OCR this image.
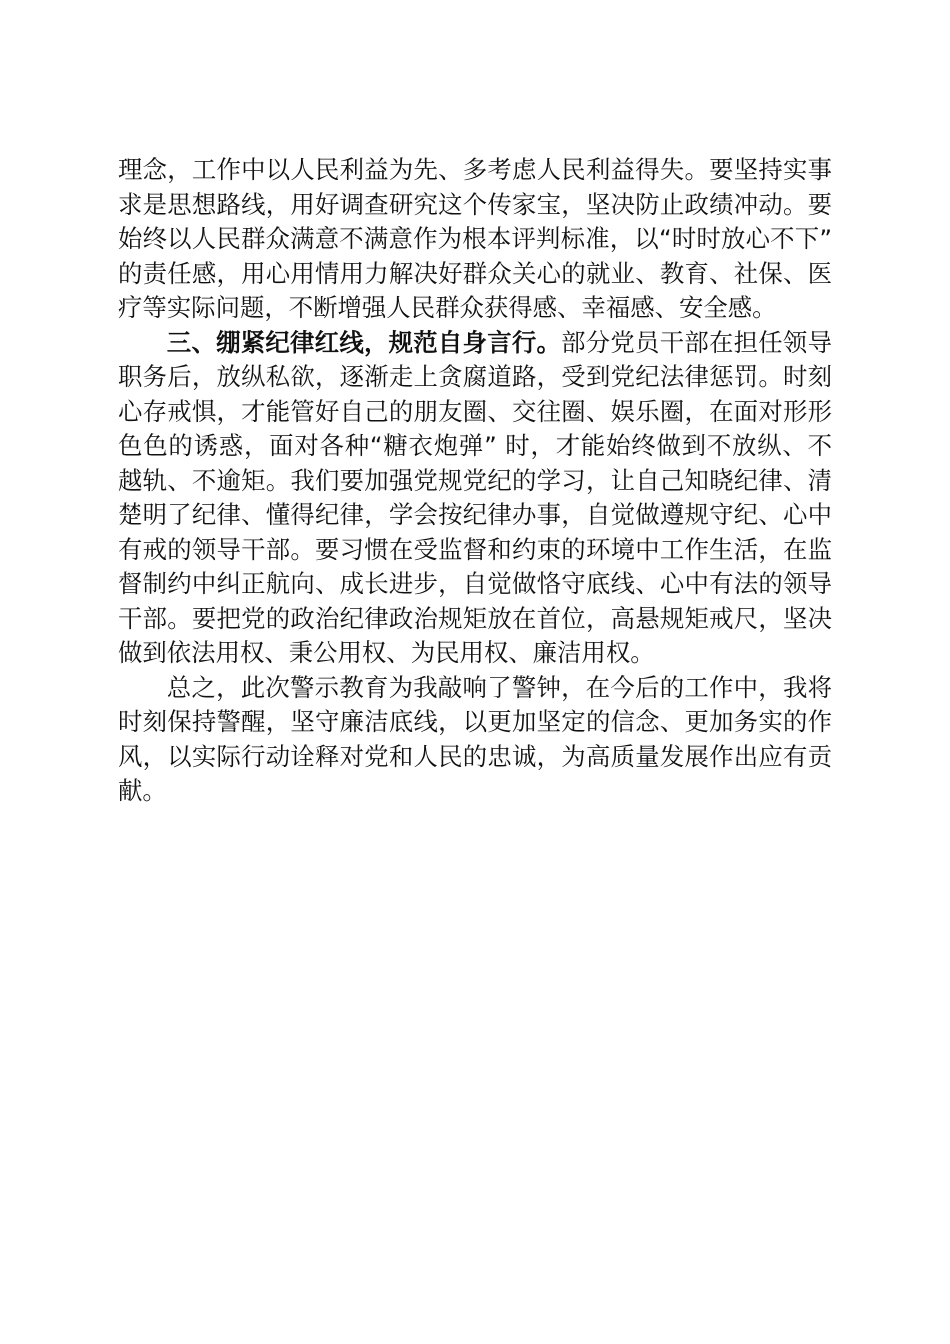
理念，工作中以人民利益为先、多考虑人民利益得失。要坚持实事求是思想路线，用好调查研究这个传家宝，坚决防止政绩冲动。要始终以人民群众满意不满意作为根本评判标准，以“时时放心不下” 的责任感，用心用情用力解决好群众关心的就业、教育、社保、医疗等实际问题，不断增强人民群众获得感、幸福感、安全感。

三、绷紧纪律红线，规范自身言行。部分党员干部在担任领导职务后，放纵私欲，逐渐走上贪腐道路，受到党纪法律惩罚。时刻心存戒惧，才能管好自己的朋友圈、交往圈、娱乐圈，在面对形形色色的诱惑，面对各种“糖衣炮弹” 时，才能始终做到不放纵、不越轨、不逾矩。我们要加强党规党纪的学习，让自己知晓纪律、清楚明了纪律、懂得纪律，学会按纪律办事，自觉做遵规守纪、心中有戒的领导干部。要习惯在受监督和约束的环境中工作生活，在监督制约中纠正航向、成长进步，自觉做恪守底线、心中有法的领导干部。要把党的政治纪律政治规矩放在首位，高悬规矩戒尺，坚决做到依法用权、秉公用权、为民用权、廉洁用权。

总之，此次警示教育为我敲响了警钟，在今后的工作中，我将时刻保持警醒，坚守廉洁底线，以更加坚定的信念、更加务实的作风，以实际行动诠释对党和人民的忠诚，为高质量发展作出应有贡献。
